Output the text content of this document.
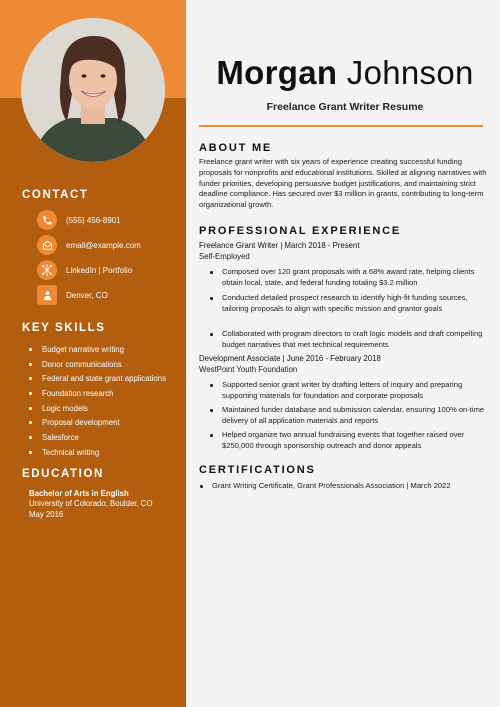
CONTACT
(555) 456-8901
email@example.com
LinkedIn | Portfolio
Denver, CO
KEY SKILLS
Budget narrative writing
Donor communications
Federal and state grant applications
Foundation research
Logic models
Proposal development
Salesforce
Technical writing
EDUCATION
Bachelor of Arts in English
University of Colorado, Boulder, CO
May 2016
Morgan Johnson
Freelance Grant Writer Resume
ABOUT ME
Freelance grant writer with six years of experience creating successful funding proposals for nonprofits and educational institutions. Skilled at aligning narratives with funder priorities, developing persuasive budget justifications, and maintaining strict deadline compliance. Has secured over $3 million in grants, contributing to long-term organizational growth.
PROFESSIONAL EXPERIENCE
Freelance Grant Writer | March 2018 - Present
Self-Employed
Composed over 120 grant proposals with a 68% award rate, helping clients obtain local, state, and federal funding totaling $3.2 million
Conducted detailed prospect research to identify high-fit funding sources, tailoring proposals to align with specific mission and grantor goals
Collaborated with program directors to craft logic models and draft compelling budget narratives that met technical requirements
Development Associate | June 2016 - February 2018
WestPoint Youth Foundation
Supported senior grant writer by drafting letters of inquiry and preparing supporting materials for foundation and corporate proposals
Maintained funder database and submission calendar, ensuring 100% on-time delivery of all application materials and reports
Helped organize two annual fundraising events that together raised over $250,000 through sponsorship outreach and donor appeals
CERTIFICATIONS
Grant Writing Certificate, Grant Professionals Association | March 2022
